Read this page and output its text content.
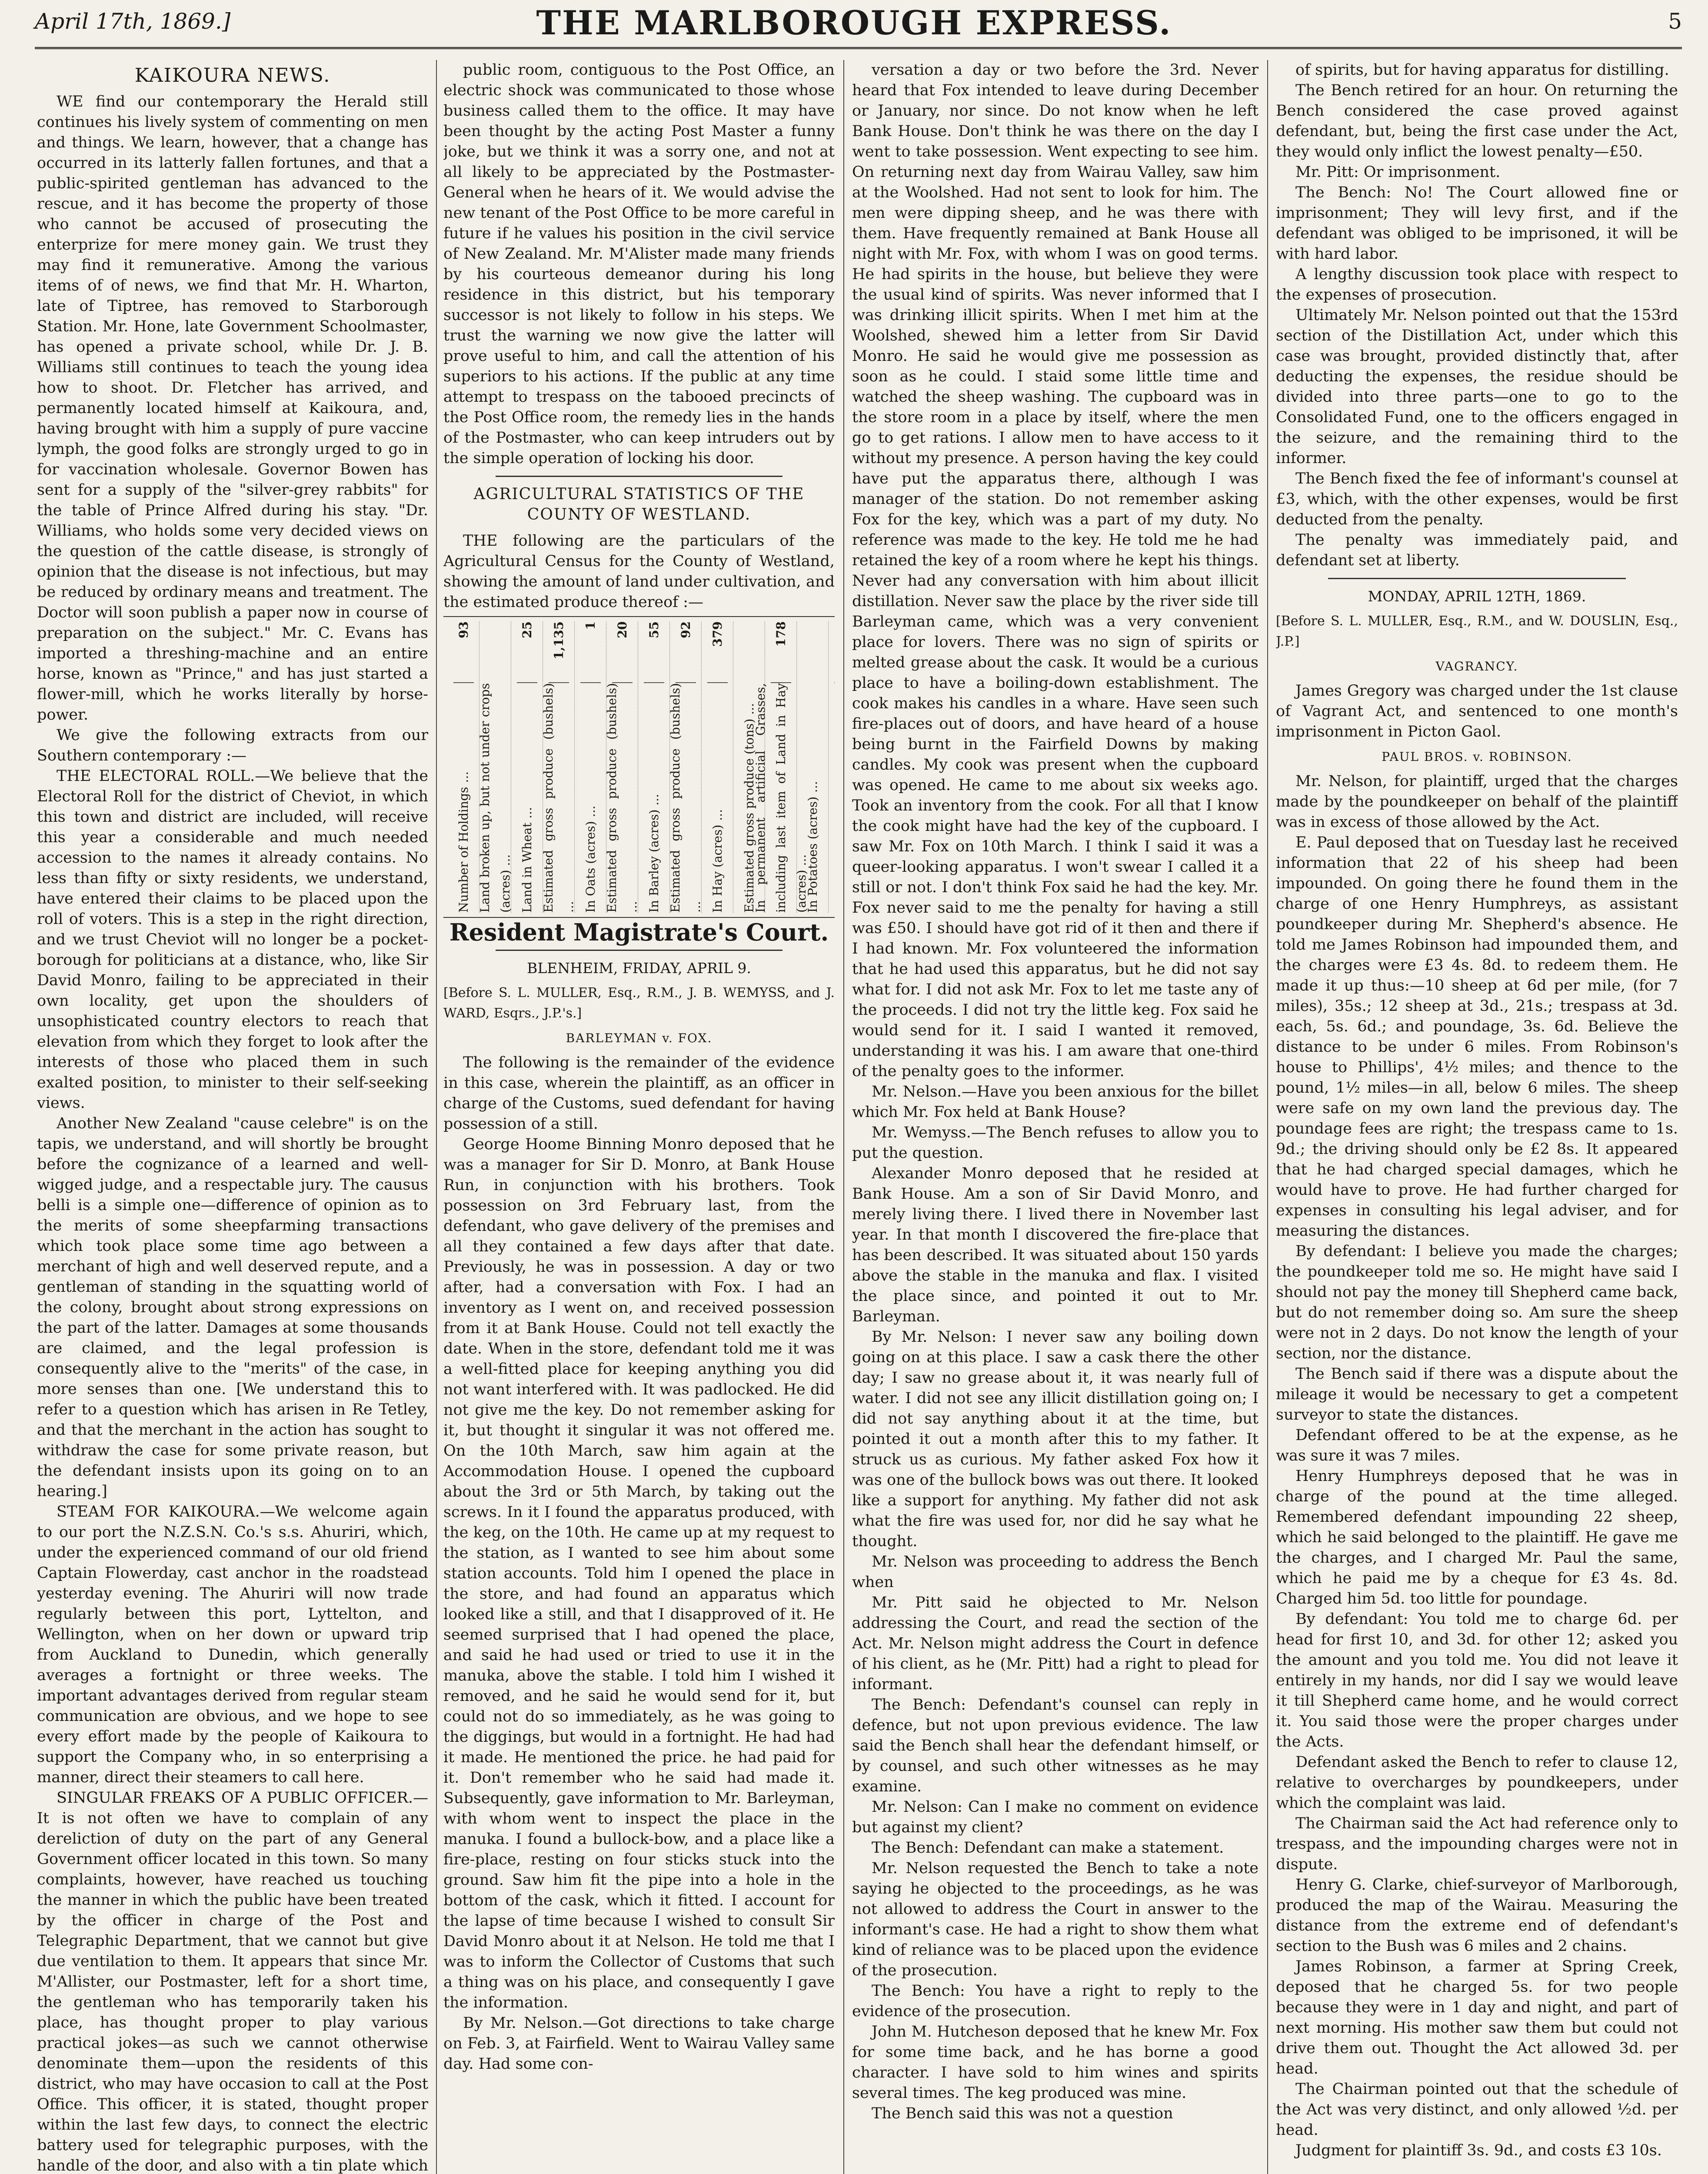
April 17th, 1869.]	THE MARLBOROUGH EXPRESS.	5
KAIKOURA NEWS.

WE find our contemporary the Herald still continues his lively system of commenting on men and things. We learn, however, that a change has occurred in its latterly fallen fortunes, and that a public-spirited gentleman has advanced to the rescue, and it has become the property of those who cannot be accused of prosecuting the enterprize for mere money gain. We trust they may find it remunerative. Among the various items of of news, we find that Mr. H. Wharton, late of Tiptree, has removed to Starborough Station. Mr. Hone, late Government Schoolmaster, has opened a private school, while Dr. J. B. Williams still continues to teach the young idea how to shoot. Dr. Fletcher has arrived, and permanently located himself at Kaikoura, and, having brought with him a supply of pure vaccine lymph, the good folks are strongly urged to go in for vaccination wholesale. Governor Bowen has sent for a supply of the "silver-grey rabbits" for the table of Prince Alfred during his stay. "Dr. Williams, who holds some very decided views on the question of the cattle disease, is strongly of opinion that the disease is not infectious, but may be reduced by ordinary means and treatment. The Doctor will soon publish a paper now in course of preparation on the subject." Mr. C. Evans has imported a threshing-machine and an entire horse, known as "Prince," and has just started a flower-mill, which he works literally by horse-power.

We give the following extracts from our Southern contemporary :—

THE ELECTORAL ROLL.—We believe that the Electoral Roll for the district of Cheviot, in which this town and district are included, will receive this year a considerable and much needed accession to the names it already contains. No less than fifty or sixty residents, we understand, have entered their claims to be placed upon the roll of voters. This is a step in the right direction, and we trust Cheviot will no longer be a pocket-borough for politicians at a distance, who, like Sir David Monro, failing to be appreciated in their own locality, get upon the shoulders of unsophisticated country electors to reach that elevation from which they forget to look after the interests of those who placed them in such exalted position, to minister to their self-seeking views.

Another New Zealand "cause celebre" is on the tapis, we understand, and will shortly be brought before the cognizance of a learned and well-wigged judge, and a respectable jury. The causus belli is a simple one—difference of opinion as to the merits of some sheepfarming transactions which took place some time ago between a merchant of high and well deserved repute, and a gentleman of standing in the squatting world of the colony, brought about strong expressions on the part of the latter. Damages at some thousands are claimed, and the legal profession is consequently alive to the "merits" of the case, in more senses than one. [We understand this to refer to a question which has arisen in Re Tetley, and that the merchant in the action has sought to withdraw the case for some private reason, but the defendant insists upon its going on to an hearing.]

STEAM FOR KAIKOURA.—We welcome again to our port the N.Z.S.N. Co.'s s.s. Ahuriri, which, under the experienced command of our old friend Captain Flowerday, cast anchor in the roadstead yesterday evening. The Ahuriri will now trade regularly between this port, Lyttelton, and Wellington, when on her down or upward trip from Auckland to Dunedin, which generally averages a fortnight or three weeks. The important advantages derived from regular steam communication are obvious, and we hope to see every effort made by the people of Kaikoura to support the Company who, in so enterprising a manner, direct their steamers to call here.

SINGULAR FREAKS OF A PUBLIC OFFICER.—It is not often we have to complain of any dereliction of duty on the part of any General Government officer located in this town. So many complaints, however, have reached us touching the manner in which the public have been treated by the officer in charge of the Post and Telegraphic Department, that we cannot but give due ventilation to them. It appears that since Mr. M'Allister, our Postmaster, left for a short time, the gentleman who has temporarily taken his place, has thought proper to play various practical jokes—as such we cannot otherwise denominate them—upon the residents of this district, who may have occasion to call at the Post Office. This officer, it is stated, thought proper within the last few days, to connect the electric battery used for telegraphic purposes, with the handle of the door, and also with a tin plate which

public room, contiguous to the Post Office, an electric shock was communicated to those whose business called them to the office. It may have been thought by the acting Post Master a funny joke, but we think it was a sorry one, and not at all likely to be appreciated by the Postmaster-General when he hears of it. We would advise the new tenant of the Post Office to be more careful in future if he values his position in the civil service of New Zealand. Mr. M'Alister made many friends by his courteous demeanor during his long residence in this district, but his temporary successor is not likely to follow in his steps. We trust the warning we now give the latter will prove useful to him, and call the attention of his superiors to his actions. If the public at any time attempt to trespass on the tabooed precincts of the Post Office room, the remedy lies in the hands of the Postmaster, who can keep intruders out by the simple operation of locking his door.

AGRICULTURAL STATISTICS OF THE COUNTY OF WESTLAND.

THE following are the particulars of the Agricultural Census for the County of Westland, showing the amount of land under cultivation, and the estimated produce thereof :—

Number of Holdings ...
93
Land broken up, but not under crops (acres) ... Land in Wheat ...
25
Estimated gross produce (bushels) ...
1,135
In Oats (acres) ...
1
Estimated gross produce (bushels) ...
20
In Barley (acres) ...
55
Estimated gross produce (bushels) ...
92
In Hay (acres) ...
379
Estimated gross produce (tons) ...
In permanent artificial Grasses, including last item of Land in Hay (acres) ...
178
In Potatoes (acres) ...
Resident Magistrate's Court.
BLENHEIM, FRIDAY, APRIL 9.

[Before S. L. MULLER, Esq., R.M., J. B. WEMYSS, and J. WARD, Esqrs., J.P.'s.]

BARLEYMAN v. FOX.

The following is the remainder of the evidence in this case, wherein the plaintiff, as an officer in charge of the Customs, sued defendant for having possession of a still.

George Hoome Binning Monro deposed that he was a manager for Sir D. Monro, at Bank House Run, in conjunction with his brothers. Took possession on 3rd February last, from the defendant, who gave delivery of the premises and all they contained a few days after that date. Previously, he was in possession. A day or two after, had a conversation with Fox. I had an inventory as I went on, and received possession from it at Bank House. Could not tell exactly the date. When in the store, defendant told me it was a well-fitted place for keeping anything you did not want interfered with. It was padlocked. He did not give me the key. Do not remember asking for it, but thought it singular it was not offered me. On the 10th March, saw him again at the Accommodation House. I opened the cupboard about the 3rd or 5th March, by taking out the screws. In it I found the apparatus produced, with the keg, on the 10th. He came up at my request to the station, as I wanted to see him about some station accounts. Told him I opened the place in the store, and had found an apparatus which looked like a still, and that I disapproved of it. He seemed surprised that I had opened the place, and said he had used or tried to use it in the manuka, above the stable. I told him I wished it removed, and he said he would send for it, but could not do so immediately, as he was going to the diggings, but would in a fortnight. He had had it made. He mentioned the price. he had paid for it. Don't remember who he said had made it. Subsequently, gave information to Mr. Barleyman, with whom went to inspect the place in the manuka. I found a bullock-bow, and a place like a fire-place, resting on four sticks stuck into the ground. Saw him fit the pipe into a hole in the bottom of the cask, which it fitted. I account for the lapse of time because I wished to consult Sir David Monro about it at Nelson. He told me that I was to inform the Collector of Customs that such a thing was on his place, and consequently I gave the information.

By Mr. Nelson.—Got directions to take charge on Feb. 3, at Fairfield. Went to Wairau Valley same day. Had some con-

versation a day or two before the 3rd. Never heard that Fox intended to leave during December or January, nor since. Do not know when he left Bank House. Don't think he was there on the day I went to take possession. Went expecting to see him. On returning next day from Wairau Valley, saw him at the Woolshed. Had not sent to look for him. The men were dipping sheep, and he was there with them. Have frequently remained at Bank House all night with Mr. Fox, with whom I was on good terms. He had spirits in the house, but believe they were the usual kind of spirits. Was never informed that I was drinking illicit spirits. When I met him at the Woolshed, shewed him a letter from Sir David Monro. He said he would give me possession as soon as he could. I staid some little time and watched the sheep washing. The cupboard was in the store room in a place by itself, where the men go to get rations. I allow men to have access to it without my presence. A person having the key could have put the apparatus there, although I was manager of the station. Do not remember asking Fox for the key, which was a part of my duty. No reference was made to the key. He told me he had retained the key of a room where he kept his things. Never had any conversation with him about illicit distillation. Never saw the place by the river side till Barleyman came, which was a very convenient place for lovers. There was no sign of spirits or melted grease about the cask. It would be a curious place to have a boiling-down establishment. The cook makes his candles in a whare. Have seen such fire-places out of doors, and have heard of a house being burnt in the Fairfield Downs by making candles. My cook was present when the cupboard was opened. He came to me about six weeks ago. Took an inventory from the cook. For all that I know the cook might have had the key of the cupboard. I saw Mr. Fox on 10th March. I think I said it was a queer-looking apparatus. I won't swear I called it a still or not. I don't think Fox said he had the key. Mr. Fox never said to me the penalty for having a still was £50. I should have got rid of it then and there if I had known. Mr. Fox volunteered the information that he had used this apparatus, but he did not say what for. I did not ask Mr. Fox to let me taste any of the proceeds. I did not try the little keg. Fox said he would send for it. I said I wanted it removed, understanding it was his. I am aware that one-third of the penalty goes to the informer.

Mr. Nelson.—Have you been anxious for the billet which Mr. Fox held at Bank House?

Mr. Wemyss.—The Bench refuses to allow you to put the question.

Alexander Monro deposed that he resided at Bank House. Am a son of Sir David Monro, and merely living there. I lived there in November last year. In that month I discovered the fire-place that has been described. It was situated about 150 yards above the stable in the manuka and flax. I visited the place since, and pointed it out to Mr. Barleyman.

By Mr. Nelson: I never saw any boiling down going on at this place. I saw a cask there the other day; I saw no grease about it, it was nearly full of water. I did not see any illicit distillation going on; I did not say anything about it at the time, but pointed it out a month after this to my father. It struck us as curious. My father asked Fox how it was one of the bullock bows was out there. It looked like a support for anything. My father did not ask what the fire was used for, nor did he say what he thought.

Mr. Nelson was proceeding to address the Bench when

Mr. Pitt said he objected to Mr. Nelson addressing the Court, and read the section of the Act. Mr. Nelson might address the Court in defence of his client, as he (Mr. Pitt) had a right to plead for informant.

The Bench: Defendant's counsel can reply in defence, but not upon previous evidence. The law said the Bench shall hear the defendant himself, or by counsel, and such other witnesses as he may examine.

Mr. Nelson: Can I make no comment on evidence but against my client?

The Bench: Defendant can make a statement.

Mr. Nelson requested the Bench to take a note saying he objected to the proceedings, as he was not allowed to address the Court in answer to the informant's case. He had a right to show them what kind of reliance was to be placed upon the evidence of the prosecution.

The Bench: You have a right to reply to the evidence of the prosecution.

John M. Hutcheson deposed that he knew Mr. Fox for some time back, and he has borne a good character. I have sold to him wines and spirits several times. The keg produced was mine.

The Bench said this was not a question

of spirits, but for having apparatus for distilling.

The Bench retired for an hour. On returning the Bench considered the case proved against defendant, but, being the first case under the Act, they would only inflict the lowest penalty—£50.

Mr. Pitt: Or imprisonment.

The Bench: No! The Court allowed fine or imprisonment; They will levy first, and if the defendant was obliged to be imprisoned, it will be with hard labor.

A lengthy discussion took place with respect to the expenses of prosecution.

Ultimately Mr. Nelson pointed out that the 153rd section of the Distillation Act, under which this case was brought, provided distinctly that, after deducting the expenses, the residue should be divided into three parts—one to go to the Consolidated Fund, one to the officers engaged in the seizure, and the remaining third to the informer.

The Bench fixed the fee of informant's counsel at £3, which, with the other expenses, would be first deducted from the penalty.

The penalty was immediately paid, and defendant set at liberty.

MONDAY, APRIL 12TH, 1869.

[Before S. L. MULLER, Esq., R.M., and W. DOUSLIN, Esq., J.P.]

VAGRANCY.

James Gregory was charged under the 1st clause of Vagrant Act, and sentenced to one month's imprisonment in Picton Gaol.

PAUL BROS. v. ROBINSON.

Mr. Nelson, for plaintiff, urged that the charges made by the poundkeeper on behalf of the plaintiff was in excess of those allowed by the Act.

E. Paul deposed that on Tuesday last he received information that 22 of his sheep had been impounded. On going there he found them in the charge of one Henry Humphreys, as assistant poundkeeper during Mr. Shepherd's absence. He told me James Robinson had impounded them, and the charges were £3 4s. 8d. to redeem them. He made it up thus:—10 sheep at 6d per mile, (for 7 miles), 35s.; 12 sheep at 3d., 21s.; trespass at 3d. each, 5s. 6d.; and poundage, 3s. 6d. Believe the distance to be under 6 miles. From Robinson's house to Phillips', 4½ miles; and thence to the pound, 1½ miles—in all, below 6 miles. The sheep were safe on my own land the previous day. The poundage fees are right; the trespass came to 1s. 9d.; the driving should only be £2 8s. It appeared that he had charged special damages, which he would have to prove. He had further charged for expenses in consulting his legal adviser, and for measuring the distances.

By defendant: I believe you made the charges; the poundkeeper told me so. He might have said I should not pay the money till Shepherd came back, but do not remember doing so. Am sure the sheep were not in 2 days. Do not know the length of your section, nor the distance.

The Bench said if there was a dispute about the mileage it would be necessary to get a competent surveyor to state the distances.

Defendant offered to be at the expense, as he was sure it was 7 miles.

Henry Humphreys deposed that he was in charge of the pound at the time alleged. Remembered defendant impounding 22 sheep, which he said belonged to the plaintiff. He gave me the charges, and I charged Mr. Paul the same, which he paid me by a cheque for £3 4s. 8d. Charged him 5d. too little for poundage.

By defendant: You told me to charge 6d. per head for first 10, and 3d. for other 12; asked you the amount and you told me. You did not leave it entirely in my hands, nor did I say we would leave it till Shepherd came home, and he would correct it. You said those were the proper charges under the Acts.

Defendant asked the Bench to refer to clause 12, relative to overcharges by poundkeepers, under which the complaint was laid.

The Chairman said the Act had reference only to trespass, and the impounding charges were not in dispute.

Henry G. Clarke, chief-surveyor of Marlborough, produced the map of the Wairau. Measuring the distance from the extreme end of defendant's section to the Bush was 6 miles and 2 chains.

James Robinson, a farmer at Spring Creek, deposed that he charged 5s. for two people because they were in 1 day and night, and part of next morning. His mother saw them but could not drive them out. Thought the Act allowed 3d. per head.

The Chairman pointed out that the schedule of the Act was very distinct, and only allowed ½d. per head.

Judgment for plaintiff 3s. 9d., and costs £3 10s.
